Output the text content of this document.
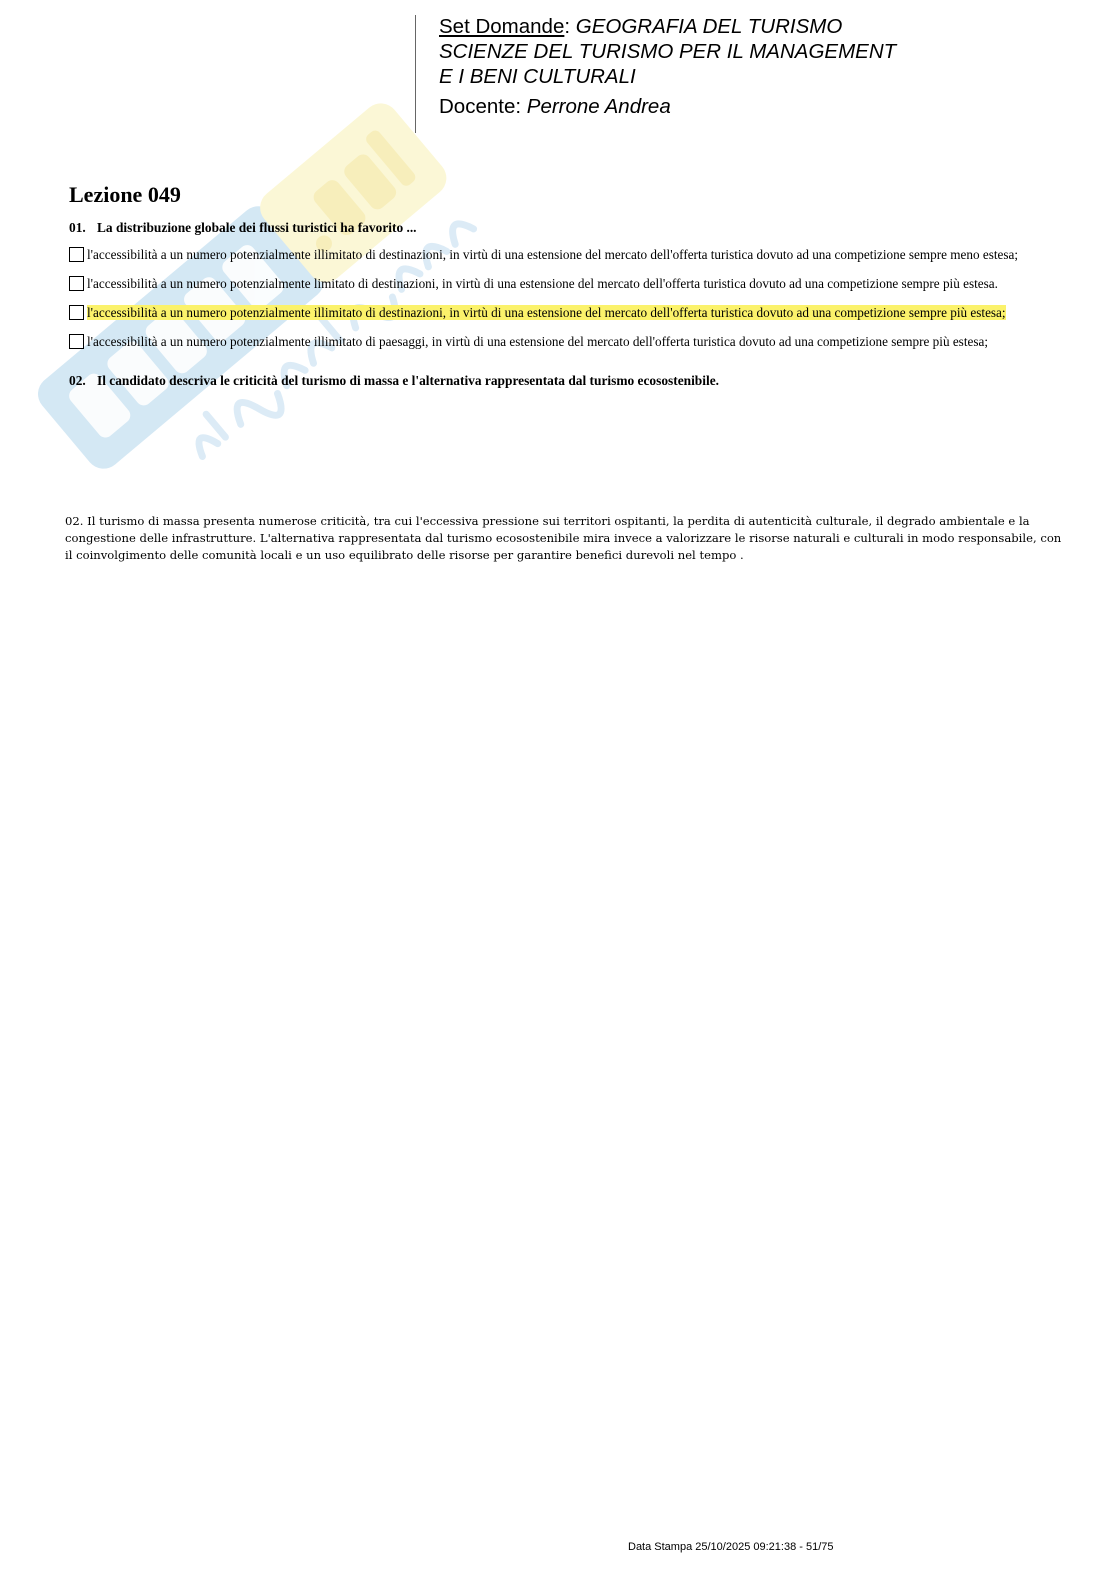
Set Domande: GEOGRAFIA DEL TURISMO
SCIENZE DEL TURISMO PER IL MANAGEMENT
E I BENI CULTURALI
Docente: Perrone Andrea
Lezione 049
01. La distribuzione globale dei flussi turistici ha favorito ...
l'accessibilità a un numero potenzialmente illimitato di destinazioni, in virtù di una estensione del mercato dell'offerta turistica dovuto ad una competizione sempre meno estesa;
l'accessibilità a un numero potenzialmente limitato di destinazioni, in virtù di una estensione del mercato dell'offerta turistica dovuto ad una competizione sempre più estesa.
l'accessibilità a un numero potenzialmente illimitato di destinazioni, in virtù di una estensione del mercato dell'offerta turistica dovuto ad una competizione sempre più estesa;
l'accessibilità a un numero potenzialmente illimitato di paesaggi, in virtù di una estensione del mercato dell'offerta turistica dovuto ad una competizione sempre più estesa;
02. Il candidato descriva le criticità del turismo di massa e l'alternativa rappresentata dal turismo ecosostenibile.
02. Il turismo di massa presenta numerose criticità, tra cui l'eccessiva pressione sui territori ospitanti, la perdita di autenticità culturale, il degrado ambientale e la congestione delle infrastrutture. L'alternativa rappresentata dal turismo ecosostenibile mira invece a valorizzare le risorse naturali e culturali in modo responsabile, con il coinvolgimento delle comunità locali e un uso equilibrato delle risorse per garantire benefici durevoli nel tempo .
Data Stampa 25/10/2025 09:21:38 - 51/75
